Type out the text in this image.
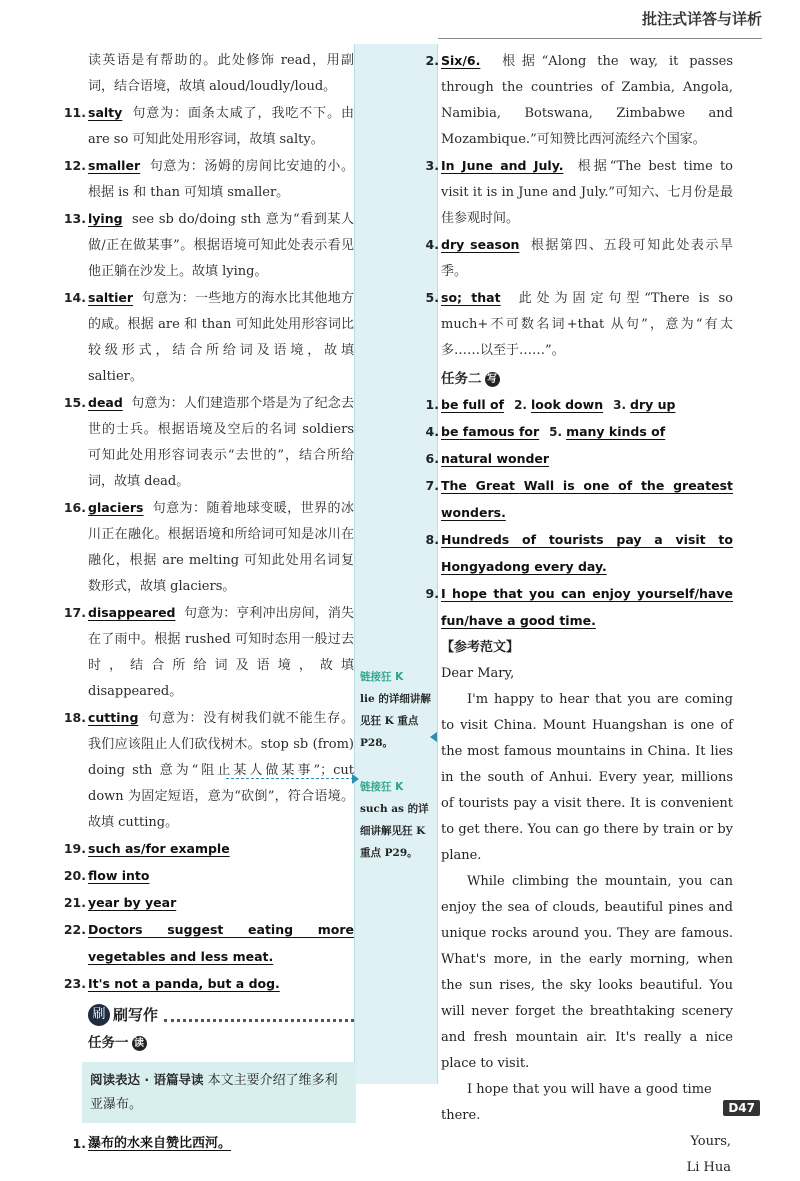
批注式详答与详析

读英语是有帮助的。此处修饰 read，用副词，结合语境，故填 aloud/loudly/loud。

11. salty 句意为：面条太咸了，我吃不下。由 are so 可知此处用形容词，故填 salty。
12. smaller 句意为：汤姆的房间比安迪的小。根据 is 和 than 可知填 smaller。
13. lying see sb do/doing sth 意为“看到某人做/正在做某事”。根据语境可知此处表示看见他正躺在沙发上。故填 lying。
14. saltier 句意为：一些地方的海水比其他地方的咸。根据 are 和 than 可知此处用形容词比较级形式，结合所给词及语境，故填 saltier。
15. dead 句意为：人们建造那个塔是为了纪念去世的士兵。根据语境及空后的名词 soldiers 可知此处用形容词表示“去世的”，结合所给词，故填 dead。
16. glaciers 句意为：随着地球变暖，世界的冰川正在融化。根据语境和所给词可知是冰川在融化，根据 are melting 可知此处用名词复数形式，故填 glaciers。
17. disappeared 句意为：亨利冲出房间，消失在了雨中。根据 rushed 可知时态用一般过去时，结合所给词及语境，故填 disappeared。
18. cutting 句意为：没有树我们就不能生存。我们应该阻止人们砍伐树木。stop sb (from) doing sth 意为“阻止某人做某事”；cut down 为固定短语，意为“砍倒”，符合语境。故填 cutting。
19. such as/for example
20. flow into
21. year by year
22. Doctors suggest eating more vegetables and less meat.
23. It's not a panda, but a dog.
刷 刷写作
任务一 读
阅读表达 · 语篇导读 本文主要介绍了维多利亚瀑布。
1. 瀑布的水来自赞比西河。
链接狂 K
lie 的详细讲解见狂 K 重点 P28。
链接狂 K
such as 的详细讲解见狂 K 重点 P29。
2. Six/6. 根据“Along the way, it passes through the countries of Zambia, Angola, Namibia, Botswana, Zimbabwe and Mozambique.”可知赞比西河流经六个国家。
3. In June and July. 根据“The best time to visit it is in June and July.”可知六、七月份是最佳参观时间。
4. dry season 根据第四、五段可知此处表示旱季。
5. so; that 此处为固定句型“There is so much+不可数名词+that 从句”，意为“有太多……以至于……”。
任务二 写
1. be full of 2. look down 3. dry up
4. be famous for 5. many kinds of
6. natural wonder
7. The Great Wall is one of the greatest wonders.
8. Hundreds of tourists pay a visit to Hongyadong every day.
9. I hope that you can enjoy yourself/have fun/have a good time.
【参考范文】

Dear Mary,

I'm happy to hear that you are coming to visit China. Mount Huangshan is one of the most famous mountains in China. It lies in the south of Anhui. Every year, millions of tourists pay a visit there. It is convenient to get there. You can go there by train or by plane.

While climbing the mountain, you can enjoy the sea of clouds, beautiful pines and unique rocks around you. They are famous. What's more, in the early morning, when the sun rises, the sky looks beautiful. You will never forget the breathtaking scenery and fresh mountain air. It's really a nice place to visit.

I hope that you will have a good time there.

Yours,

Li Hua

D47
